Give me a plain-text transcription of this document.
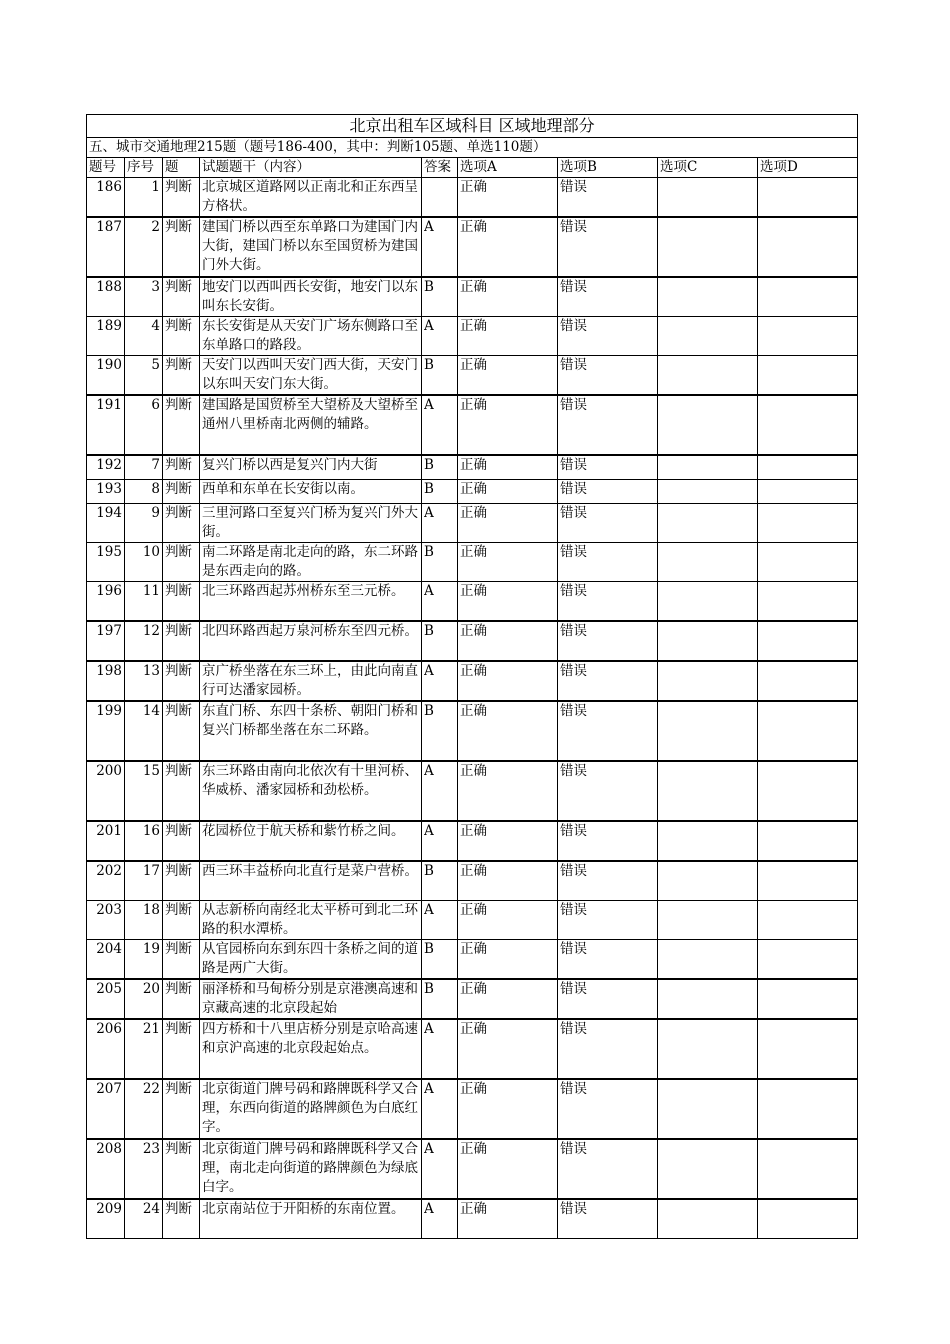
北京出租车区域科目 区域地理部分								
五、城市交通地理215题（题号186-400，其中：判断105题、单选110题）								
题号	序号	题	试题题干（内容）	答案	选项A	选项B	选项C	选项D

186	1	判断	北京城区道路网以正南北和正东西呈方格状。		正确	错误		

187	2	判断	建国门桥以西至东单路口为建国门内大街，建国门桥以东至国贸桥为建国门外大街。	A	正确	错误		

188	3	判断	地安门以西叫西长安街，地安门以东叫东长安街。	B	正确	错误		

189	4	判断	东长安街是从天安门广场东侧路口至东单路口的路段。	A	正确	错误		

190	5	判断	天安门以西叫天安门西大街，天安门以东叫天安门东大街。	B	正确	错误		

191	6	判断	建国路是国贸桥至大望桥及大望桥至通州八里桥南北两侧的辅路。	A	正确	错误		

192	7	判断	复兴门桥以西是复兴门内大街	B	正确	错误		

193	8	判断	西单和东单在长安街以南。	B	正确	错误		

194	9	判断	三里河路口至复兴门桥为复兴门外大街。	A	正确	错误		

195	10	判断	南二环路是南北走向的路，东二环路是东西走向的路。	B	正确	错误		

196	11	判断	北三环路西起苏州桥东至三元桥。	A	正确	错误		

197	12	判断	北四环路西起万泉河桥东至四元桥。	B	正确	错误		

198	13	判断	京广桥坐落在东三环上，由此向南直行可达潘家园桥。	A	正确	错误		

199	14	判断	东直门桥、东四十条桥、朝阳门桥和复兴门桥都坐落在东二环路。	B	正确	错误		

200	15	判断	东三环路由南向北依次有十里河桥、华威桥、潘家园桥和劲松桥。	A	正确	错误		

201	16	判断	花园桥位于航天桥和紫竹桥之间。	A	正确	错误		

202	17	判断	西三环丰益桥向北直行是菜户营桥。	B	正确	错误		

203	18	判断	从志新桥向南经北太平桥可到北二环路的积水潭桥。	A	正确	错误		

204	19	判断	从官园桥向东到东四十条桥之间的道路是两广大街。	B	正确	错误		

205	20	判断	丽泽桥和马甸桥分别是京港澳高速和京藏高速的北京段起始	B	正确	错误		

206	21	判断	四方桥和十八里店桥分别是京哈高速和京沪高速的北京段起始点。	A	正确	错误		

207	22	判断	北京街道门牌号码和路牌既科学又合理，东西向街道的路牌颜色为白底红字。	A	正确	错误		

208	23	判断	北京街道门牌号码和路牌既科学又合理，南北走向街道的路牌颜色为绿底白字。	A	正确	错误		

209	24	判断	北京南站位于开阳桥的东南位置。	A	正确	错误		
